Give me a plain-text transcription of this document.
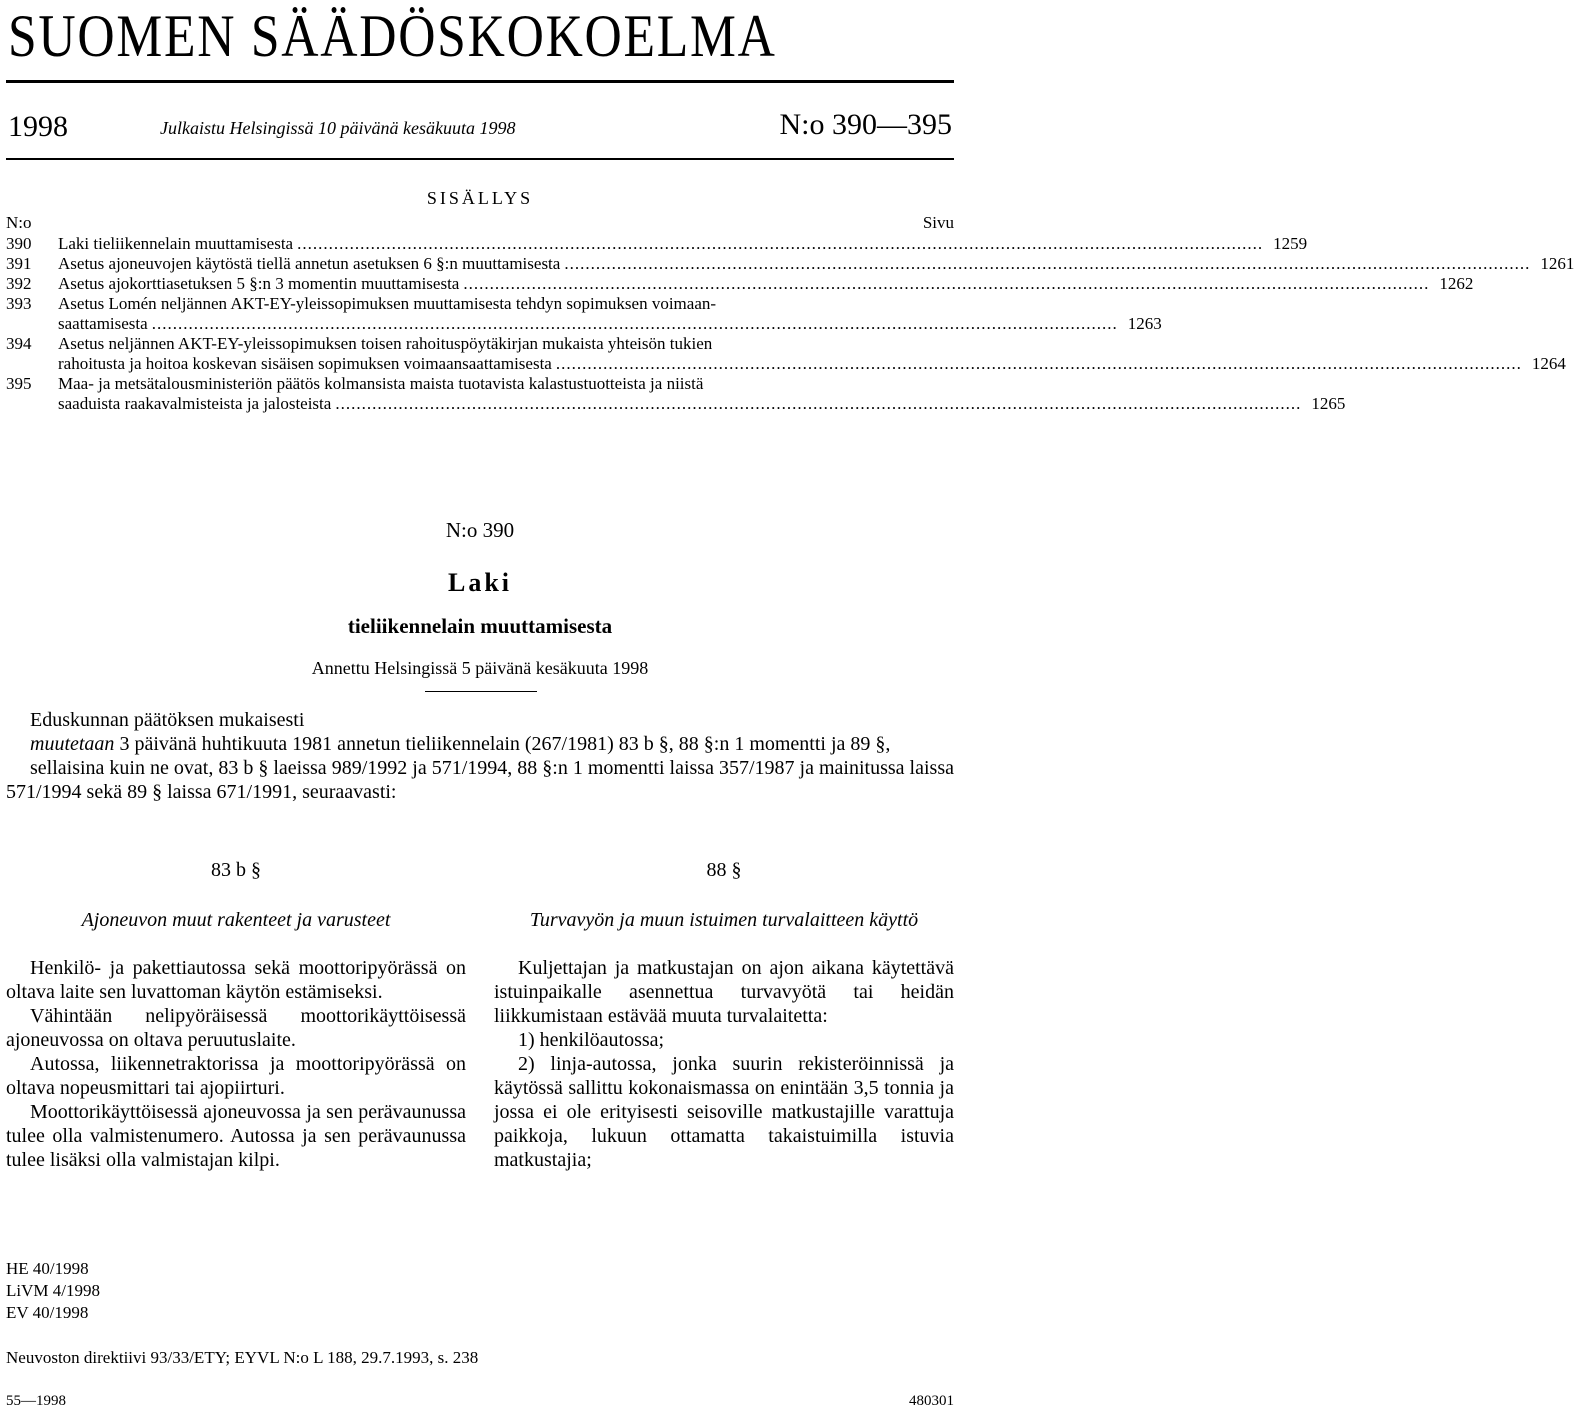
SUOMEN SÄÄDÖSKOKOELMA
1998	Julkaistu Helsingissä 10 päivänä kesäkuuta 1998	N:o 390—395
SISÄLLYS
N:o	Sivu
390	Laki tieliikennelain muuttamisesta .....	1259
391	Asetus ajoneuvojen käytöstä tiellä annetun asetuksen 6 §:n muuttamisesta .....	1261
392	Asetus ajokorttiasetuksen 5 §:n 3 momentin muuttamisesta .....	1262
393	Asetus Lomén neljännen AKT-EY-yleissopimuksen muuttamisesta tehdyn sopimuksen voimaan-
saattamisesta .....	1263
394	Asetus neljännen AKT-EY-yleissopimuksen toisen rahoituspöytäkirjan mukaista yhteisön tukien
rahoitusta ja hoitoa koskevan sisäisen sopimuksen voimaansaattamisesta .....	1264
395	Maa- ja metsätalousministeriön päätös kolmansista maista tuotavista kalastustuotteista ja niistä
saaduista raakavalmisteista ja jalosteista .....	1265
N:o 390
Laki
tieliikennelain muuttamisesta
Annettu Helsingissä 5 päivänä kesäkuuta 1998

Eduskunnan päätöksen mukaisesti

muutetaan 3 päivänä huhtikuuta 1981 annetun tieliikennelain (267/1981) 83 b §, 88 §:n 1 momentti ja 89 §,

sellaisina kuin ne ovat, 83 b § laeissa 989/1992 ja 571/1994, 88 §:n 1 momentti laissa 357/1987 ja mainitussa laissa 571/1994 sekä 89 § laissa 671/1991, seuraavasti:

83 b §
Ajoneuvon muut rakenteet ja varusteet

Henkilö- ja pakettiautossa sekä moottoripyörässä on oltava laite sen luvattoman käytön estämiseksi.

Vähintään nelipyöräisessä moottorikäyttöisessä ajoneuvossa on oltava peruutuslaite.

Autossa, liikennetraktorissa ja moottoripyörässä on oltava nopeusmittari tai ajopiirturi.

Moottorikäyttöisessä ajoneuvossa ja sen perävaunussa tulee olla valmistenumero. Autossa ja sen perävaunussa tulee lisäksi olla valmistajan kilpi.

88 §
Turvavyön ja muun istuimen turvalaitteen käyttö

Kuljettajan ja matkustajan on ajon aikana käytettävä istuinpaikalle asennettua turvavyötä tai heidän liikkumistaan estävää muuta turvalaitetta:

1) henkilöautossa;

2) linja-autossa, jonka suurin rekisteröinnissä ja käytössä sallittu kokonaismassa on enintään 3,5 tonnia ja jossa ei ole erityisesti seisoville matkustajille varattuja paikkoja, lukuun ottamatta takaistuimilla istuvia matkustajia;

HE 40/1998
LiVM 4/1998
EV 40/1998
Neuvoston direktiivi 93/33/ETY; EYVL N:o L 188, 29.7.1993, s. 238
55—1998	480301
